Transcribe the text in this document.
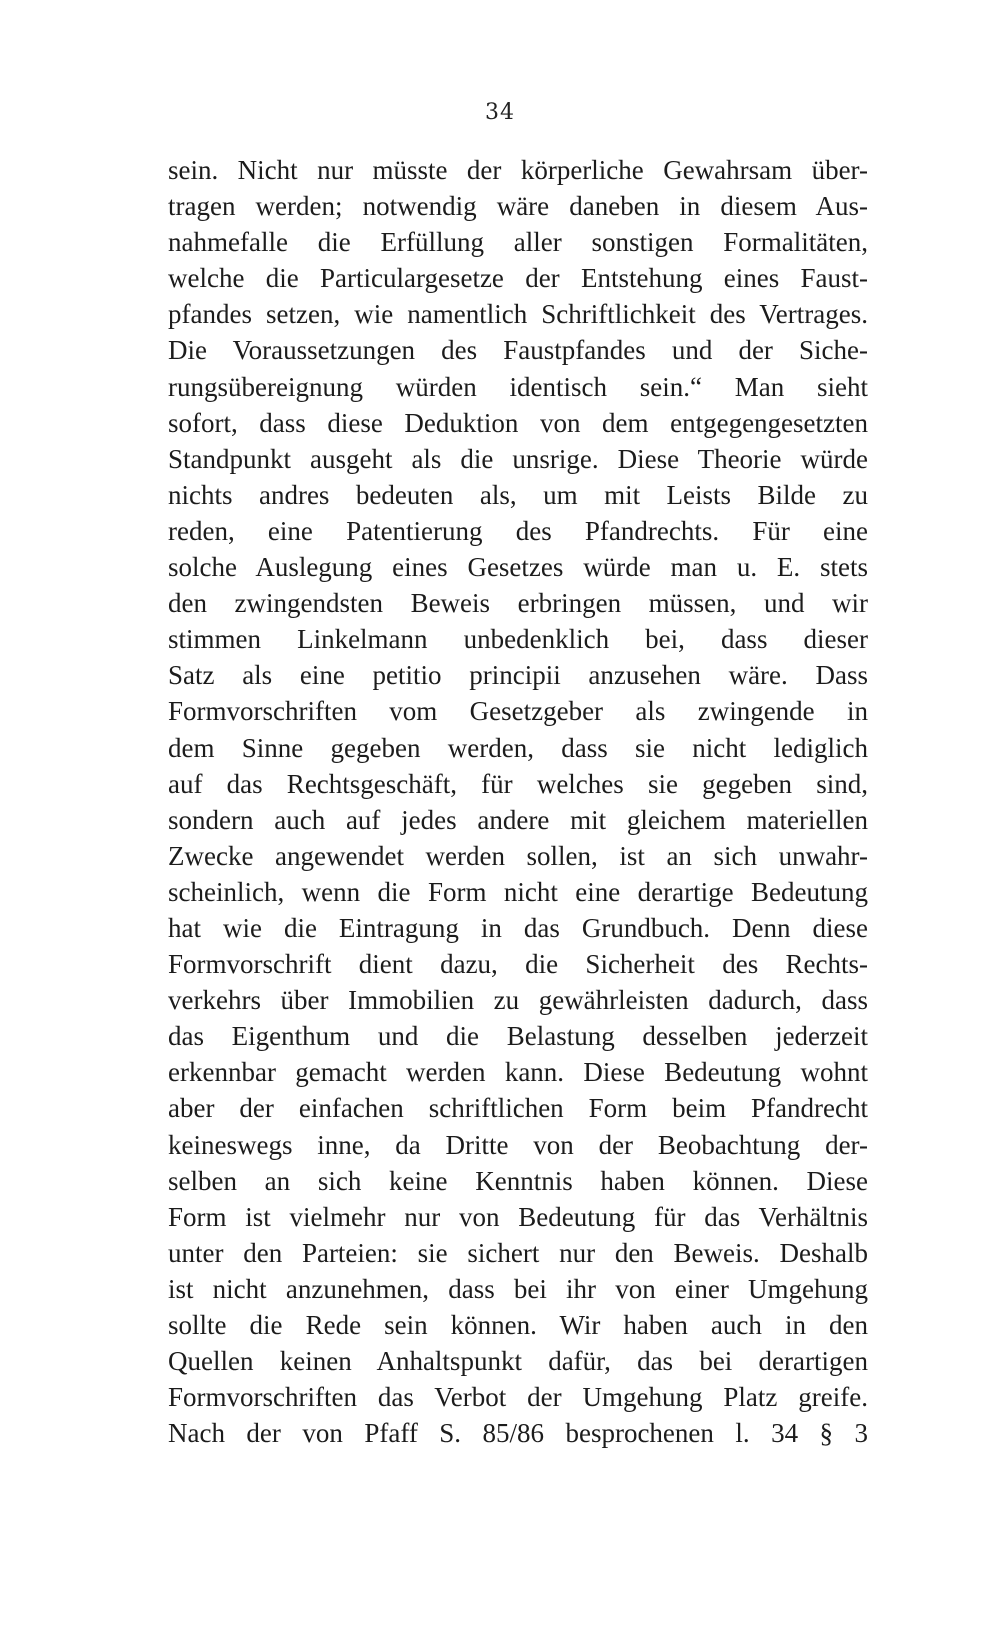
34
sein. Nicht nur müsste der körperliche Gewahrsam über-
tragen werden; notwendig wäre daneben in diesem Aus-
nahmefalle die Erfüllung aller sonstigen Formalitäten,
welche die Particulargesetze der Entstehung eines Faust-
pfandes setzen, wie namentlich Schriftlichkeit des Vertrages.
Die Voraussetzungen des Faustpfandes und der Siche-
rungsübereignung würden identisch sein.“ Man sieht
sofort, dass diese Deduktion von dem entgegengesetzten
Standpunkt ausgeht als die unsrige. Diese Theorie würde
nichts andres bedeuten als, um mit Leists Bilde zu
reden, eine Patentierung des Pfandrechts. Für eine
solche Auslegung eines Gesetzes würde man u. E. stets
den zwingendsten Beweis erbringen müssen, und wir
stimmen Linkelmann unbedenklich bei, dass dieser
Satz als eine petitio principii anzusehen wäre. Dass
Formvorschriften vom Gesetzgeber als zwingende in
dem Sinne gegeben werden, dass sie nicht lediglich
auf das Rechtsgeschäft, für welches sie gegeben sind,
sondern auch auf jedes andere mit gleichem materiellen
Zwecke angewendet werden sollen, ist an sich unwahr-
scheinlich, wenn die Form nicht eine derartige Bedeutung
hat wie die Eintragung in das Grundbuch. Denn diese
Formvorschrift dient dazu, die Sicherheit des Rechts-
verkehrs über Immobilien zu gewährleisten dadurch, dass
das Eigenthum und die Belastung desselben jederzeit
erkennbar gemacht werden kann. Diese Bedeutung wohnt
aber der einfachen schriftlichen Form beim Pfandrecht
keineswegs inne, da Dritte von der Beobachtung der-
selben an sich keine Kenntnis haben können. Diese
Form ist vielmehr nur von Bedeutung für das Verhältnis
unter den Parteien: sie sichert nur den Beweis. Deshalb
ist nicht anzunehmen, dass bei ihr von einer Umgehung
sollte die Rede sein können. Wir haben auch in den
Quellen keinen Anhaltspunkt dafür, das bei derartigen
Formvorschriften das Verbot der Umgehung Platz greife.
Nach der von Pfaff S. 85/86 besprochenen l. 34 § 3
